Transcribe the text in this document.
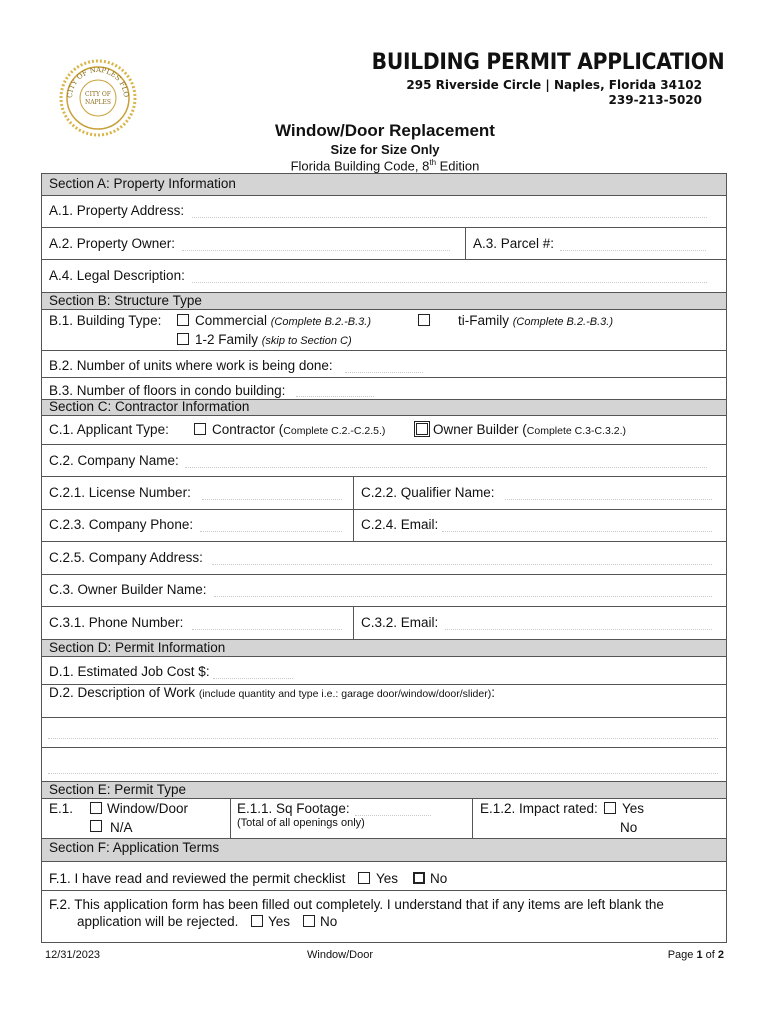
CITY OF
NAPLES
CITY OF NAPLES FLO
BUILDING PERMIT APPLICATION
295 Riverside Circle | Naples, Florida 34102
239-213-5020
Window/Door Replacement
Size for Size Only
Florida Building Code, 8th Edition
Section A: Property Information
A.1. Property Address:
A.2. Property Owner:	A.3. Parcel #:
A.4. Legal Description:
Section B: Structure Type
B.1. Building Type: Commercial (Complete B.2.-B.3.)	ti-Family (Complete B.2.-B.3.)
1-2 Family (skip to Section C)
B.2. Number of units where work is being done:
B.3. Number of floors in condo building:
Section C: Contractor Information
C.1. Applicant Type:	Contractor (Complete C.2.-C.2.5.)	Owner Builder (Complete C.3-C.3.2.)
C.2. Company Name:
C.2.1. License Number:	C.2.2. Qualifier Name:
C.2.3. Company Phone:	C.2.4. Email:
C.2.5. Company Address:
C.3. Owner Builder Name:
C.3.1. Phone Number:	C.3.2. Email:
Section D: Permit Information
D.1. Estimated Job Cost $:
D.2. Description of Work (include quantity and type i.e.: garage door/window/door/slider):
Section E: Permit Type
E.1.	Window/Door
N/A
E.1.1. Sq Footage:
(Total of all openings only)
E.1.2. Impact rated: Yes
No
Section F: Application Terms
F.1. I have read and reviewed the permit checklist Yes No
F.2. This application form has been filled out completely. I understand that if any items are left blank the
application will be rejected. Yes No
12/31/2023	Window/Door	Page 1 of 2
